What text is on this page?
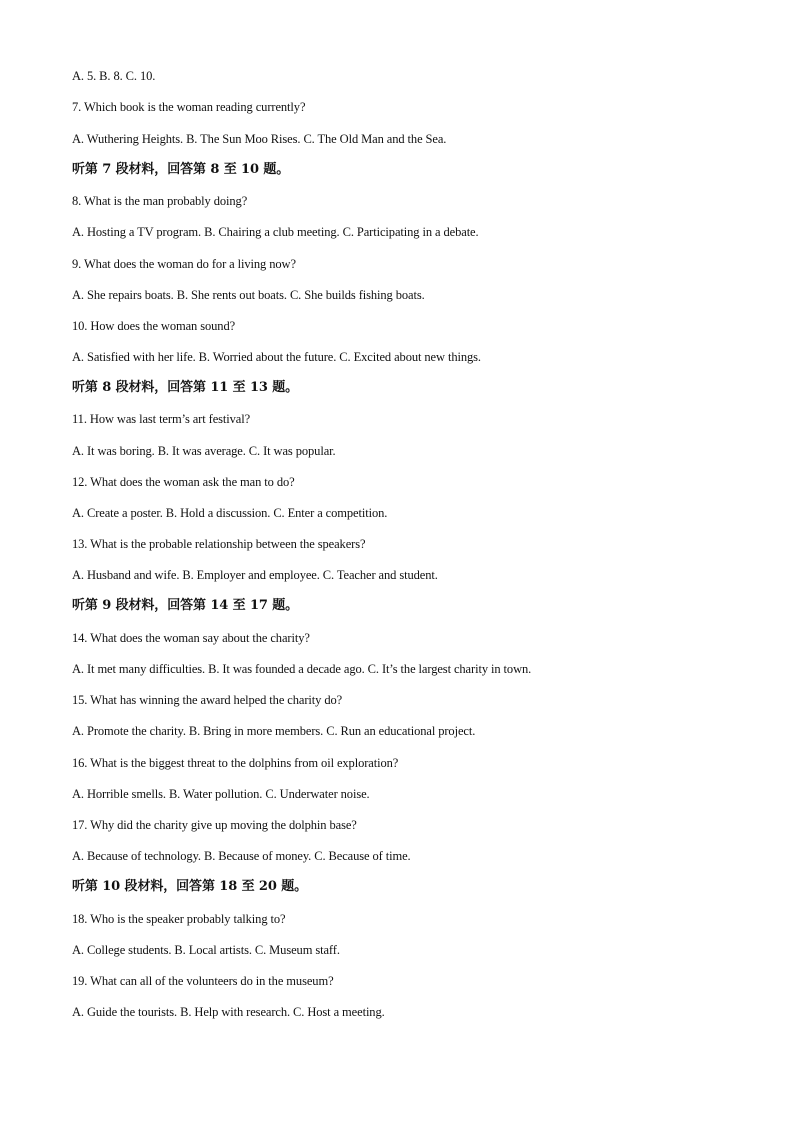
A. 5. B. 8. C. 10.
7. Which book is the woman reading currently?
A. Wuthering Heights. B. The Sun Moo Rises. C. The Old Man and the Sea.
听第 7 段材料，回答第 8 至 10 题。
8. What is the man probably doing?
A. Hosting a TV program. B. Chairing a club meeting. C. Participating in a debate.
9. What does the woman do for a living now?
A. She repairs boats. B. She rents out boats. C. She builds fishing boats.
10. How does the woman sound?
A. Satisfied with her life. B. Worried about the future. C. Excited about new things.
听第 8 段材料，回答第 11 至 13 题。
11. How was last term’s art festival?
A. It was boring. B. It was average. C. It was popular.
12. What does the woman ask the man to do?
A. Create a poster. B. Hold a discussion. C. Enter a competition.
13. What is the probable relationship between the speakers?
A. Husband and wife. B. Employer and employee. C. Teacher and student.
听第 9 段材料，回答第 14 至 17 题。
14. What does the woman say about the charity?
A. It met many difficulties. B. It was founded a decade ago. C. It’s the largest charity in town.
15. What has winning the award helped the charity do?
A. Promote the charity. B. Bring in more members. C. Run an educational project.
16. What is the biggest threat to the dolphins from oil exploration?
A. Horrible smells. B. Water pollution. C. Underwater noise.
17. Why did the charity give up moving the dolphin base?
A. Because of technology. B. Because of money. C. Because of time.
听第 10 段材料，回答第 18 至 20 题。
18. Who is the speaker probably talking to?
A. College students. B. Local artists. C. Museum staff.
19. What can all of the volunteers do in the museum?
A. Guide the tourists. B. Help with research. C. Host a meeting.
